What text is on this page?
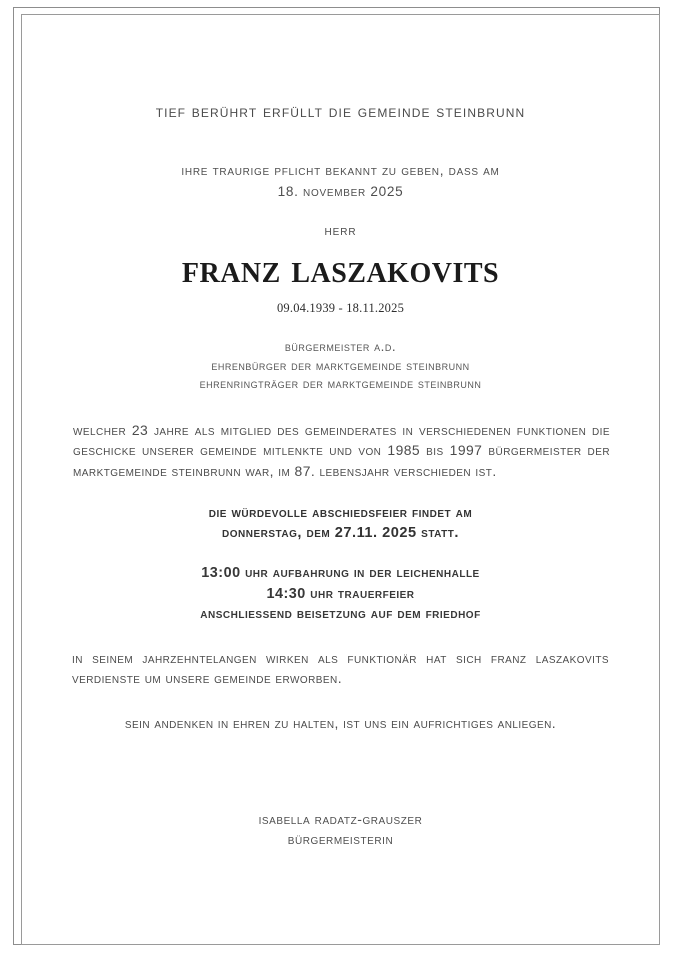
tief berührt erfüllt die gemeinde steinbrunn
ihre traurige pflicht bekannt zu geben, dass am
18. november 2025
herr
franz laszakovits
09.04.1939 - 18.11.2025
bürgermeister a.d.
ehrenbürger der marktgemeinde steinbrunn
ehrenringträger der marktgemeinde steinbrunn
welcher 23 jahre als mitglied des gemeinderates in verschiedenen funktionen die geschicke unserer gemeinde mitlenkte und von 1985 bis 1997 bürgermeister der marktgemeinde steinbrunn war, im 87. lebensjahr verschieden ist.
die würdevolle abschiedsfeier findet am
donnerstag, dem 27.11. 2025 statt.
13:00 uhr aufbahrung in der leichenhalle
14:30 uhr trauerfeier
anschliessend beisetzung auf dem friedhof
in seinem jahrzehntelangen wirken als funktionär hat sich franz laszakovits verdienste um unsere gemeinde erworben.
sein andenken in ehren zu halten, ist uns ein aufrichtiges anliegen.
isabella radatz-grauszer
bürgermeisterin
